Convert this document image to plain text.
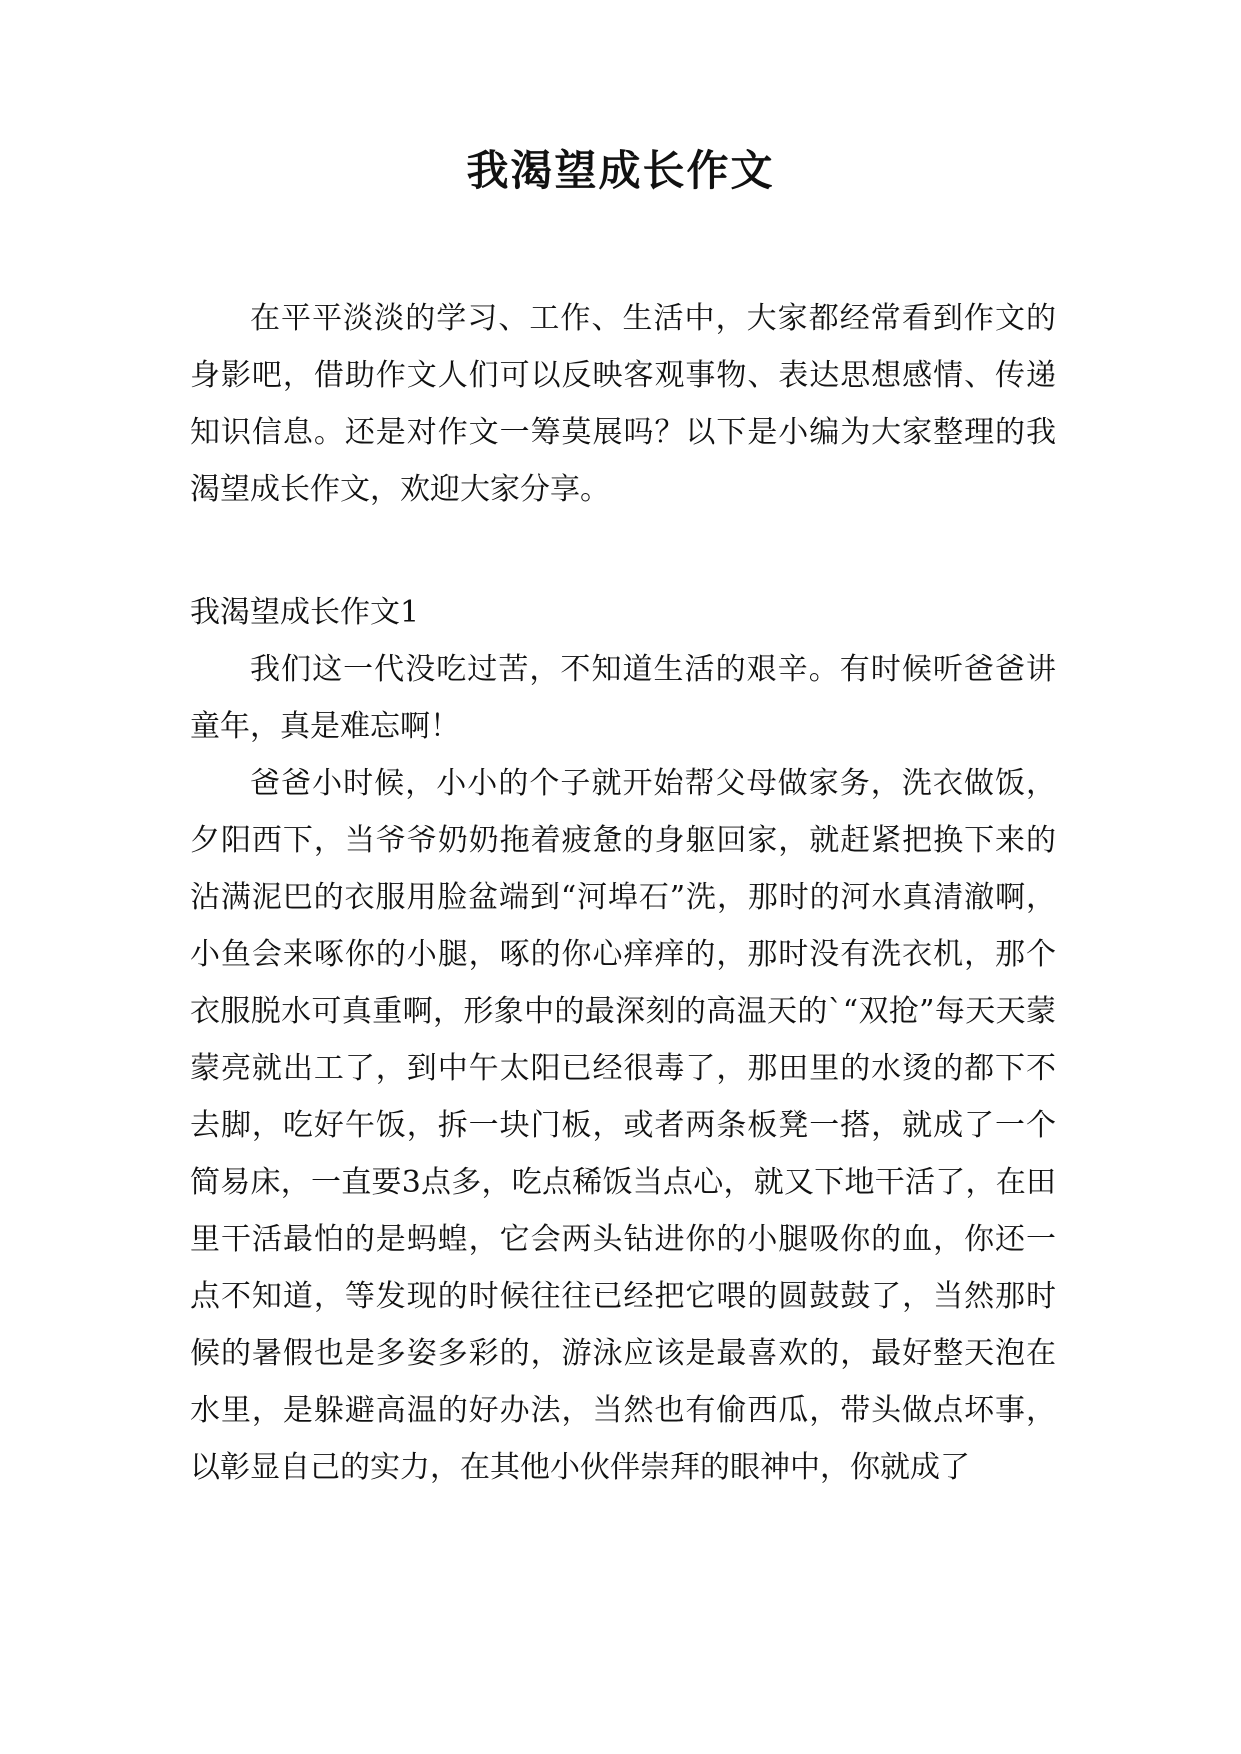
我渴望成长作文

在平平淡淡的学习、工作、生活中，大家都经常看到作文的身影吧，借助作文人们可以反映客观事物、表达思想感情、传递知识信息。还是对作文一筹莫展吗？以下是小编为大家整理的我渴望成长作文，欢迎大家分享。

我渴望成长作文1

我们这一代没吃过苦，不知道生活的艰辛。有时候听爸爸讲童年，真是难忘啊！

爸爸小时候，小小的个子就开始帮父母做家务，洗衣做饭，夕阳西下，当爷爷奶奶拖着疲惫的身躯回家，就赶紧把换下来的沾满泥巴的衣服用脸盆端到“河埠石”洗，那时的河水真清澈啊，小鱼会来啄你的小腿，啄的你心痒痒的，那时没有洗衣机，那个衣服脱水可真重啊，形象中的最深刻的高温天的`“双抢”每天天蒙蒙亮就出工了，到中午太阳已经很毒了，那田里的水烫的都下不去脚，吃好午饭，拆一块门板，或者两条板凳一搭，就成了一个简易床，一直要3点多，吃点稀饭当点心，就又下地干活了，在田里干活最怕的是蚂蝗，它会两头钻进你的小腿吸你的血，你还一点不知道，等发现的时候往往已经把它喂的圆鼓鼓了，当然那时候的暑假也是多姿多彩的，游泳应该是最喜欢的，最好整天泡在水里，是躲避高温的好办法，当然也有偷西瓜，带头做点坏事，以彰显自己的实力，在其他小伙伴崇拜的眼神中，你就成了
